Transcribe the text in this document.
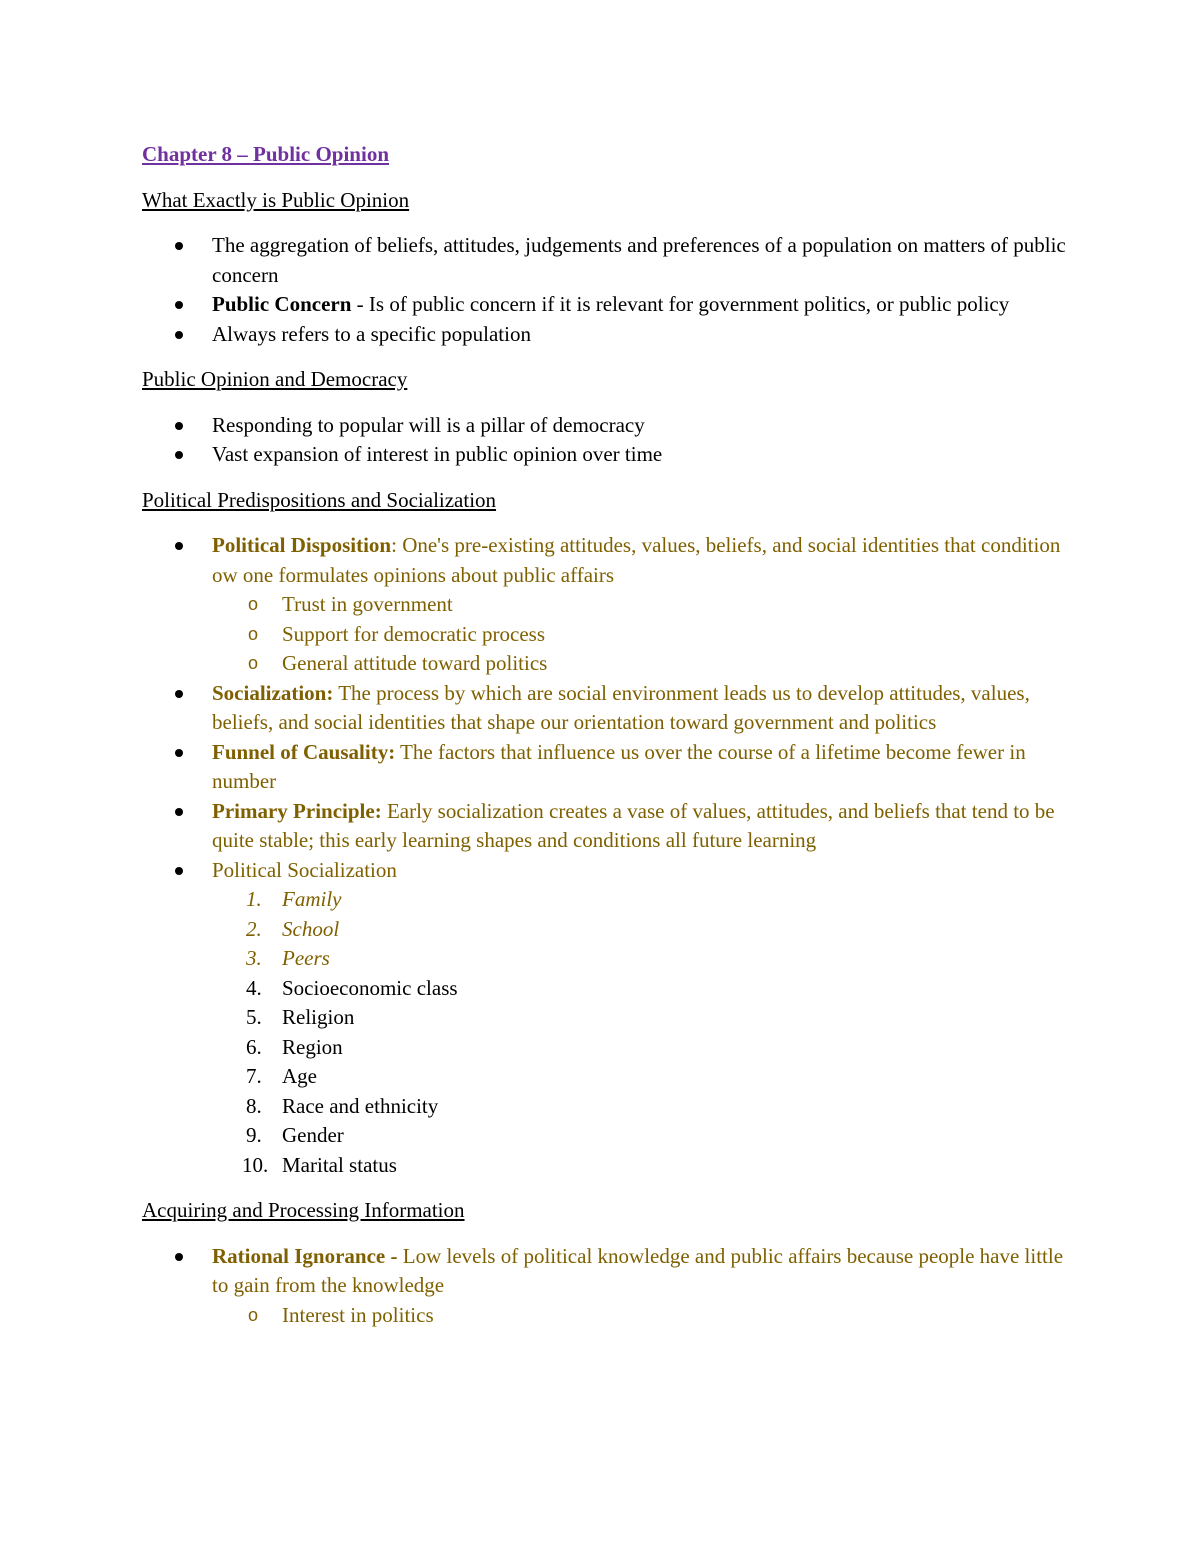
Chapter 8 – Public Opinion
What Exactly is Public Opinion
The aggregation of beliefs, attitudes, judgements and preferences of a population on matters of public concern
Public Concern - Is of public concern if it is relevant for government politics, or public policy
Always refers to a specific population
Public Opinion and Democracy
Responding to popular will is a pillar of democracy
Vast expansion of interest in public opinion over time
Political Predispositions and Socialization
Political Disposition: One's pre-existing attitudes, values, beliefs, and social identities that condition ow one formulates opinions about public affairs
o Trust in government
o Support for democratic process
o General attitude toward politics
Socialization: The process by which are social environment leads us to develop attitudes, values, beliefs, and social identities that shape our orientation toward government and politics
Funnel of Causality: The factors that influence us over the course of a lifetime become fewer in number
Primary Principle: Early socialization creates a vase of values, attitudes, and beliefs that tend to be quite stable; this early learning shapes and conditions all future learning
Political Socialization
1. Family
2. School
3. Peers
4. Socioeconomic class
5. Religion
6. Region
7. Age
8. Race and ethnicity
9. Gender
10. Marital status
Acquiring and Processing Information
Rational Ignorance - Low levels of political knowledge and public affairs because people have little to gain from the knowledge
o Interest in politics
